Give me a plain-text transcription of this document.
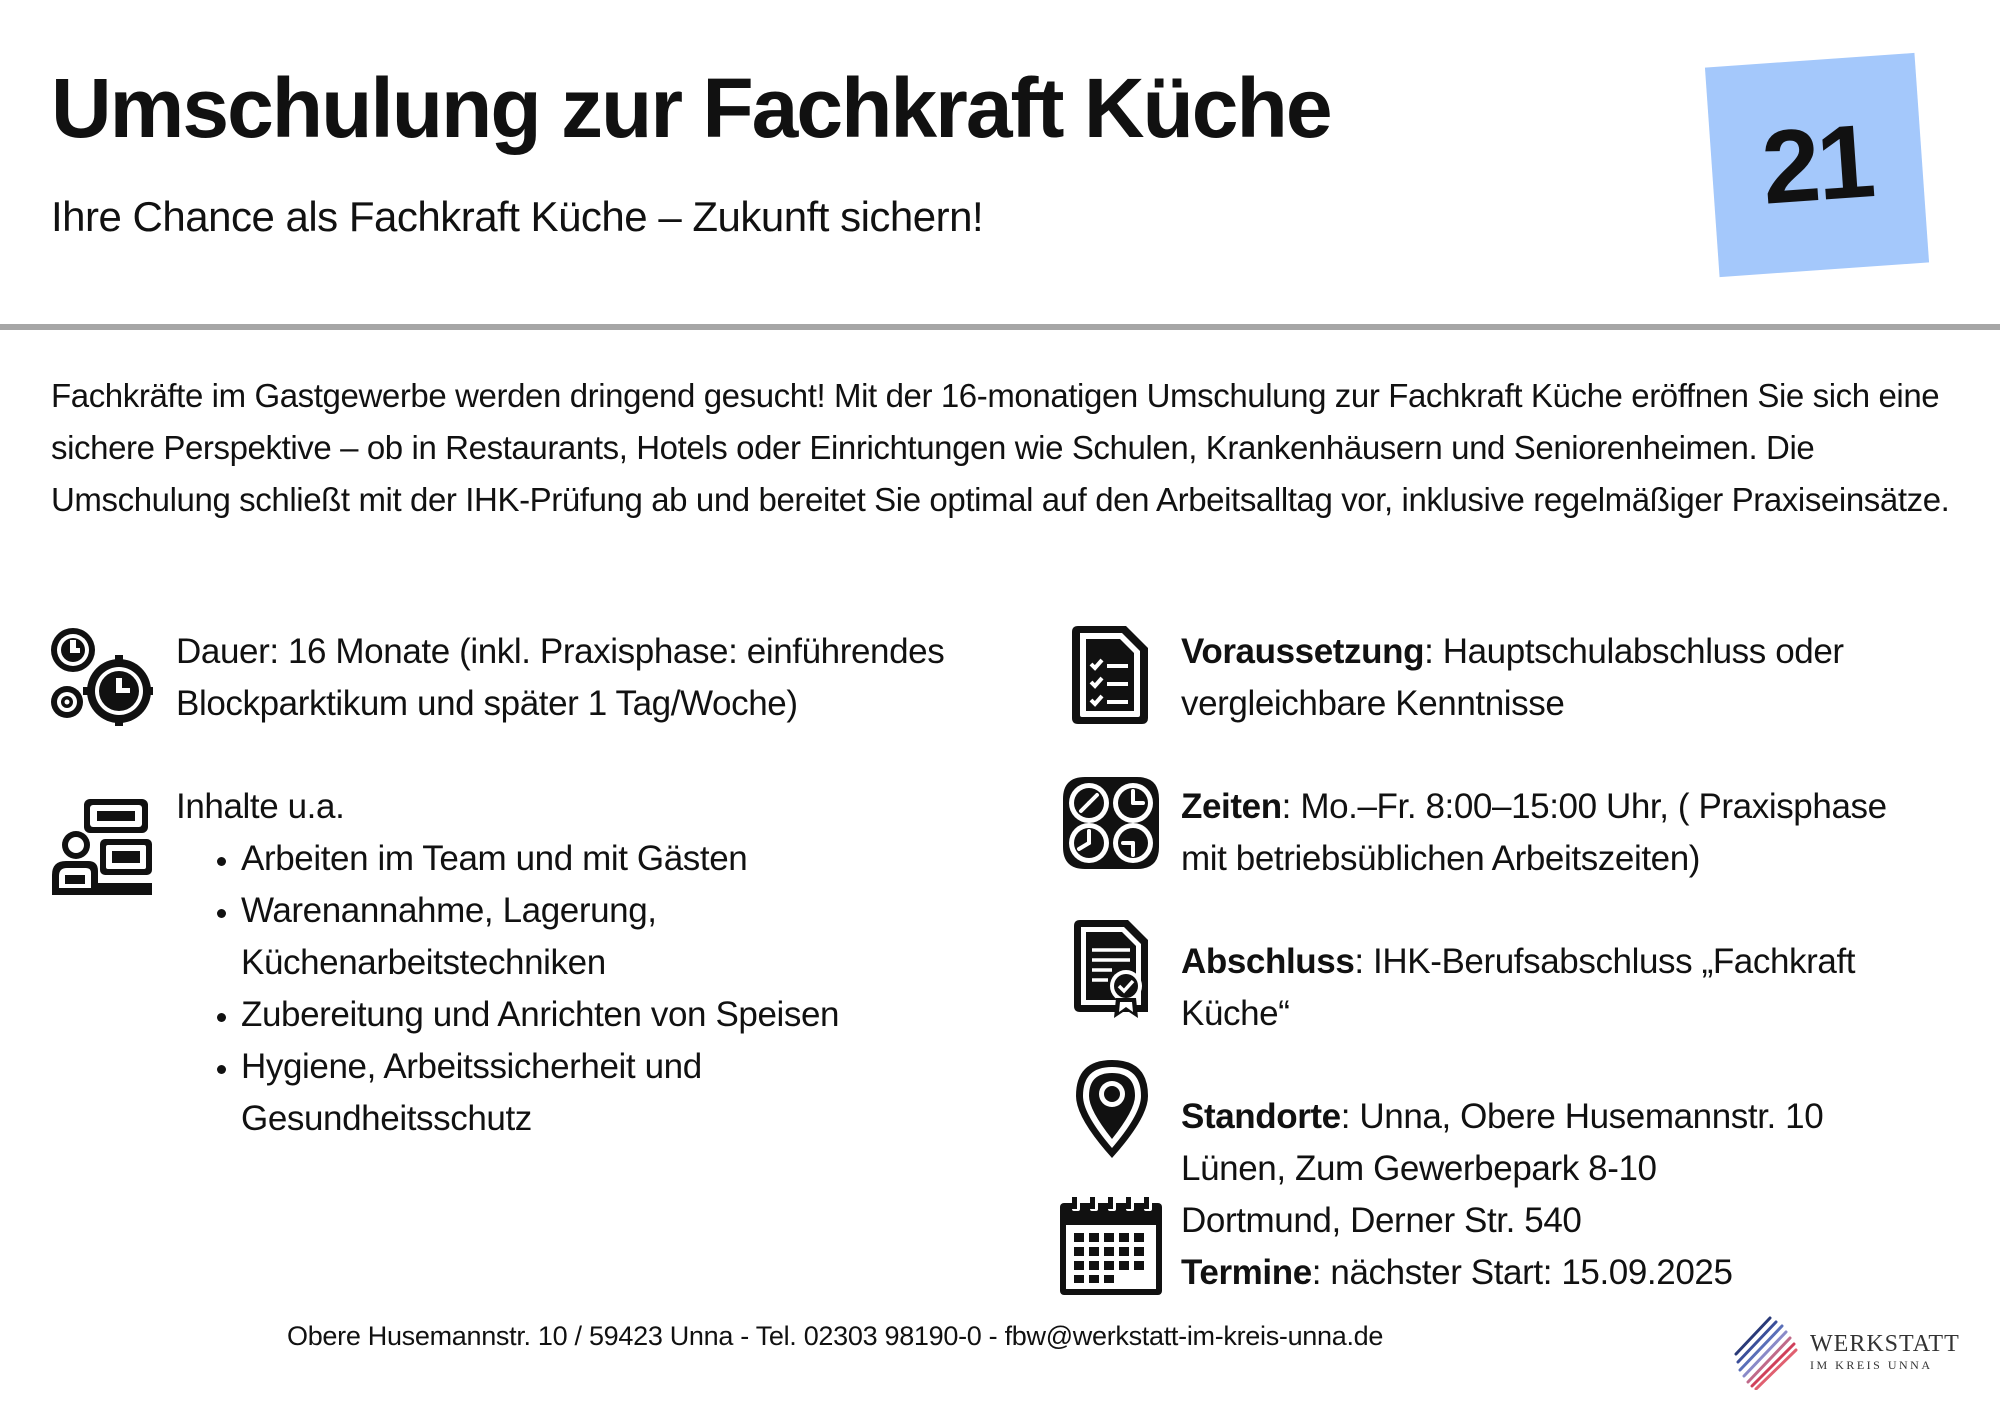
Umschulung zur Fachkraft Küche
Ihre Chance als Fachkraft Küche – Zukunft sichern!	21

Fachkräfte im Gastgewerbe werden dringend gesucht! Mit der 16-monatigen Umschulung zur Fachkraft Küche eröffnen Sie sich eine sichere Perspektive – ob in Restaurants, Hotels oder Einrichtungen wie Schulen, Krankenhäusern und Seniorenheimen. Die Umschulung schließt mit der IHK-Prüfung ab und bereitet Sie optimal auf den Arbeitsalltag vor, inklusive regelmäßiger Praxiseinsätze.

Dauer: 16 Monate (inkl. Praxisphase: einführendes Blockparktikum und später 1 Tag/Woche)
Inhalte u.a.
• Arbeiten im Team und mit Gästen
• Warenannahme, Lagerung, Küchenarbeitstechniken
• Zubereitung und Anrichten von Speisen
• Hygiene, Arbeitssicherheit und Gesundheitsschutz
Voraussetzung: Hauptschulabschluss oder vergleichbare Kenntnisse
Zeiten: Mo.–Fr. 8:00–15:00 Uhr, ( Praxisphase mit betriebsüblichen Arbeitszeiten)
Abschluss: IHK-Berufsabschluss „Fachkraft Küche“
Standorte: Unna, Obere Husemannstr. 10
Lünen, Zum Gewerbepark 8-10
Dortmund, Derner Str. 540
Termine: nächster Start: 15.09.2025
Obere Husemannstr. 10 / 59423 Unna - Tel. 02303 98190-0 - fbw@werkstatt-im-kreis-unna.de	WERKSTATT
IM KREIS UNNA
